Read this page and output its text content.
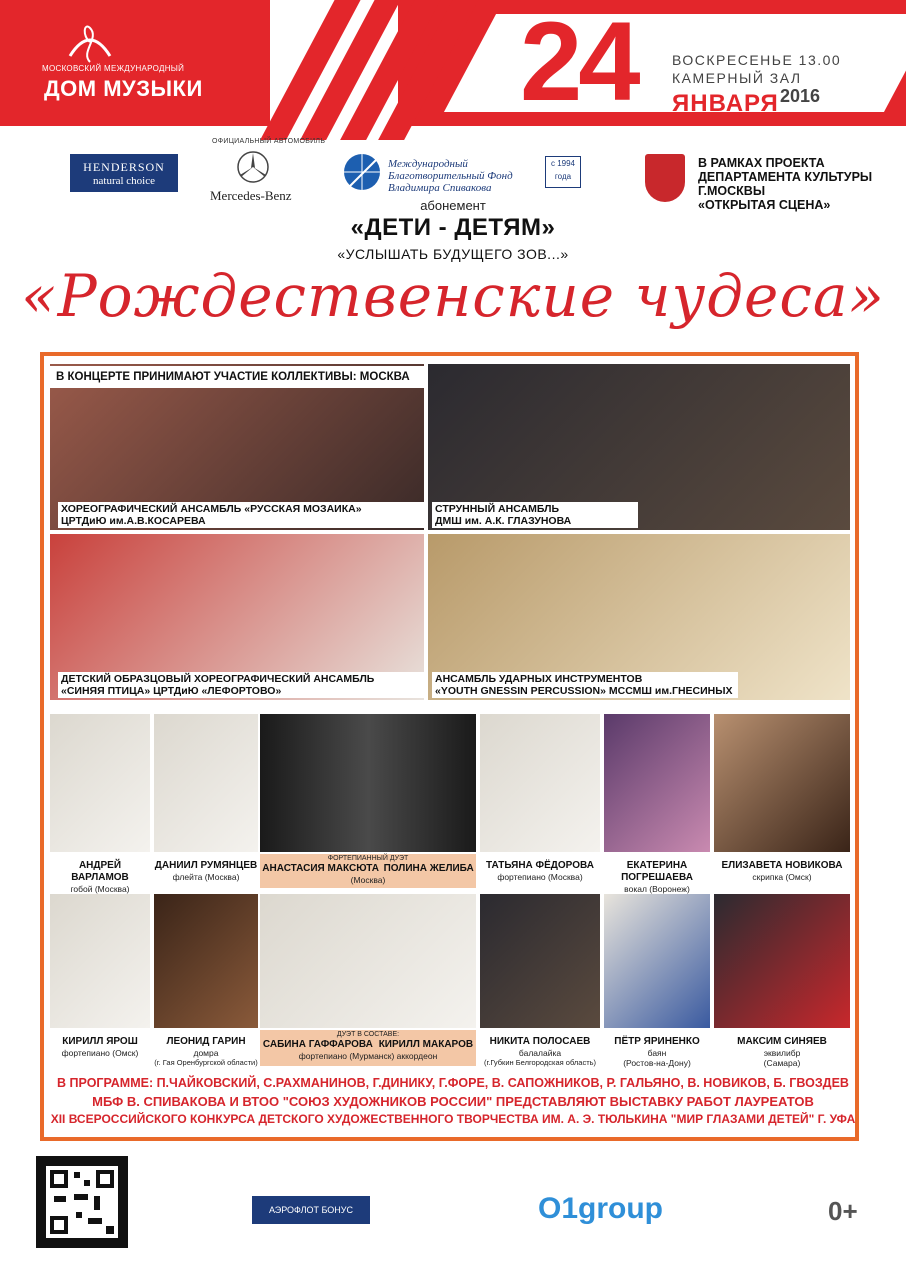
МОСКОВСКИЙ МЕЖДУНАРОДНЫЙ
ДОМ МУЗЫКИ
WWW.MMDM.RU
24	ВОСКРЕСЕНЬЕ 13.00
КАМЕРНЫЙ ЗАЛ
ЯНВАРЯ 2016
HENDERSON
natural choice
ОФИЦИАЛЬНЫЙ АВТОМОБИЛЬ
Mercedes-Benz
Международный Благотворительный Фонд Владимира Спивакова
с 1994 года
В РАМКАХ ПРОЕКТА
ДЕПАРТАМЕНТА КУЛЬТУРЫ
Г.МОСКВЫ
«ОТКРЫТАЯ СЦЕНА»
абонемент
«ДЕТИ - ДЕТЯМ»
«УСЛЫШАТЬ БУДУЩЕГО ЗОВ...»
«Рождественские чудеса»
В КОНЦЕРТЕ ПРИНИМАЮТ УЧАСТИЕ КОЛЛЕКТИВЫ: МОСКВА
ХОРЕОГРАФИЧЕСКИЙ АНСАМБЛЬ «РУССКАЯ МОЗАИКА»
ЦРТДиЮ им.А.В.КОСАРЕВА
СТРУННЫЙ АНСАМБЛЬ
ДМШ им. А.К. ГЛАЗУНОВА
ДЕТСКИЙ ОБРАЗЦОВЫЙ ХОРЕОГРАФИЧЕСКИЙ АНСАМБЛЬ
«СИНЯЯ ПТИЦА» ЦРТДиЮ «ЛЕФОРТОВО»
АНСАМБЛЬ УДАРНЫХ ИНСТРУМЕНТОВ
«YOUTH GNESSIN PERCUSSION» МССМШ им.ГНЕСИНЫХ
АНДРЕЙ ВАРЛАМОВ
гобой (Москва)
ДАНИИЛ РУМЯНЦЕВ
флейта (Москва)
ФОРТЕПИАННЫЙ ДУЭТ
АНАСТАСИЯ МАКСЮТА ПОЛИНА ЖЕЛИБА
(Москва)
ТАТЬЯНА ФЁДОРОВА
фортепиано (Москва)
ЕКАТЕРИНА ПОГРЕШАЕВА
вокал (Воронеж)
ЕЛИЗАВЕТА НОВИКОВА
скрипка (Омск)
КИРИЛЛ ЯРОШ
фортепиано (Омск)
ЛЕОНИД ГАРИН
домра
(г. Гая Оренбургской области)
ДУЭТ В СОСТАВЕ:
САБИНА ГАФФАРОВА КИРИЛЛ МАКАРОВ
фортепиано (Мурманск) аккордеон
НИКИТА ПОЛОСАЕВ
балалайка
(г.Губкин Белгородская область)
ПЁТР ЯРИНЕНКО
баян
(Ростов-на-Дону)
МАКСИМ СИНЯЕВ
эквилибр
(Самара)
В ПРОГРАММЕ: П.ЧАЙКОВСКИЙ, С.РАХМАНИНОВ, Г.ДИНИКУ, Г.ФОРЕ, В. САПОЖНИКОВ, Р. ГАЛЬЯНО, В. НОВИКОВ, Б. ГВОЗДЕВ
МБФ В. СПИВАКОВА И ВТОО "СОЮЗ ХУДОЖНИКОВ РОССИИ" ПРЕДСТАВЛЯЮТ ВЫСТАВКУ РАБОТ ЛАУРЕАТОВ
XII ВСЕРОССИЙСКОГО КОНКУРСА ДЕТСКОГО ХУДОЖЕСТВЕННОГО ТВОРЧЕСТВА ИМ. А. Э. ТЮЛЬКИНА "МИР ГЛАЗАМИ ДЕТЕЙ" Г. УФА
АЭРОФЛОТ БОНУС	O1group	0+
